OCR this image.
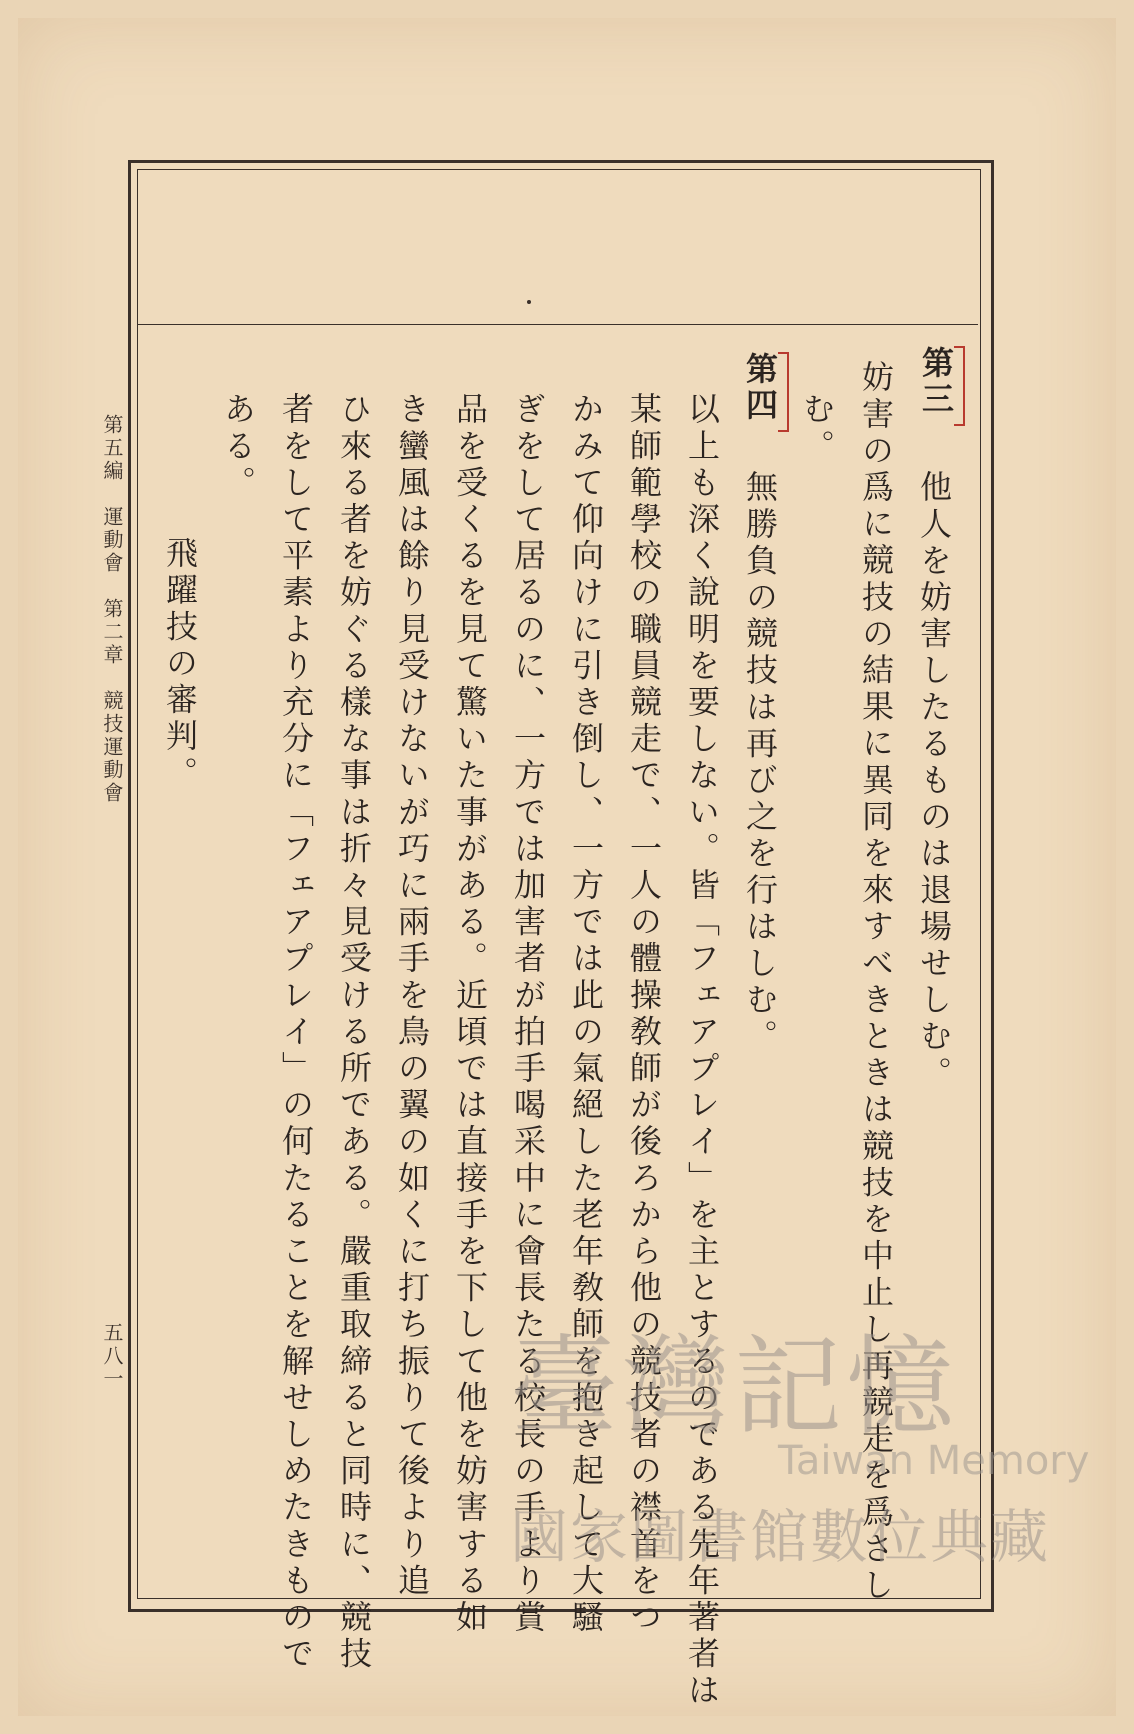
第三
他人を妨害したるものは退場せしむ。
妨害の爲に競技の結果に異同を來すべきときは競技を中止し再競走を爲さし
む。
第四
無勝負の競技は再び之を行はしむ。
以上も深く說明を要しない。皆「フェアプレイ」を主とするのである先年著者は
某師範學校の職員競走で、一人の體操敎師が後ろから他の競技者の襟首をつ
かみて仰向けに引き倒し、一方では此の氣絕した老年敎師を抱き起して大騷
ぎをして居るのに、一方では加害者が拍手喝采中に會長たる校長の手より賞
品を受くるを見て驚いた事がある。近頃では直接手を下して他を妨害する如
き蠻風は餘り見受けないが巧に兩手を鳥の翼の如くに打ち振りて後より追
ひ來る者を妨ぐる樣な事は折々見受ける所である。嚴重取締ると同時に、競技
者をして平素より充分に「フェアプレイ」の何たることを解せしめたきもので
ある。
飛躍技の審判。
第五編　運動會　第二章　競技運動會
五八一	臺灣記憶
Taiwan Memory
國家圖書館數位典藏
